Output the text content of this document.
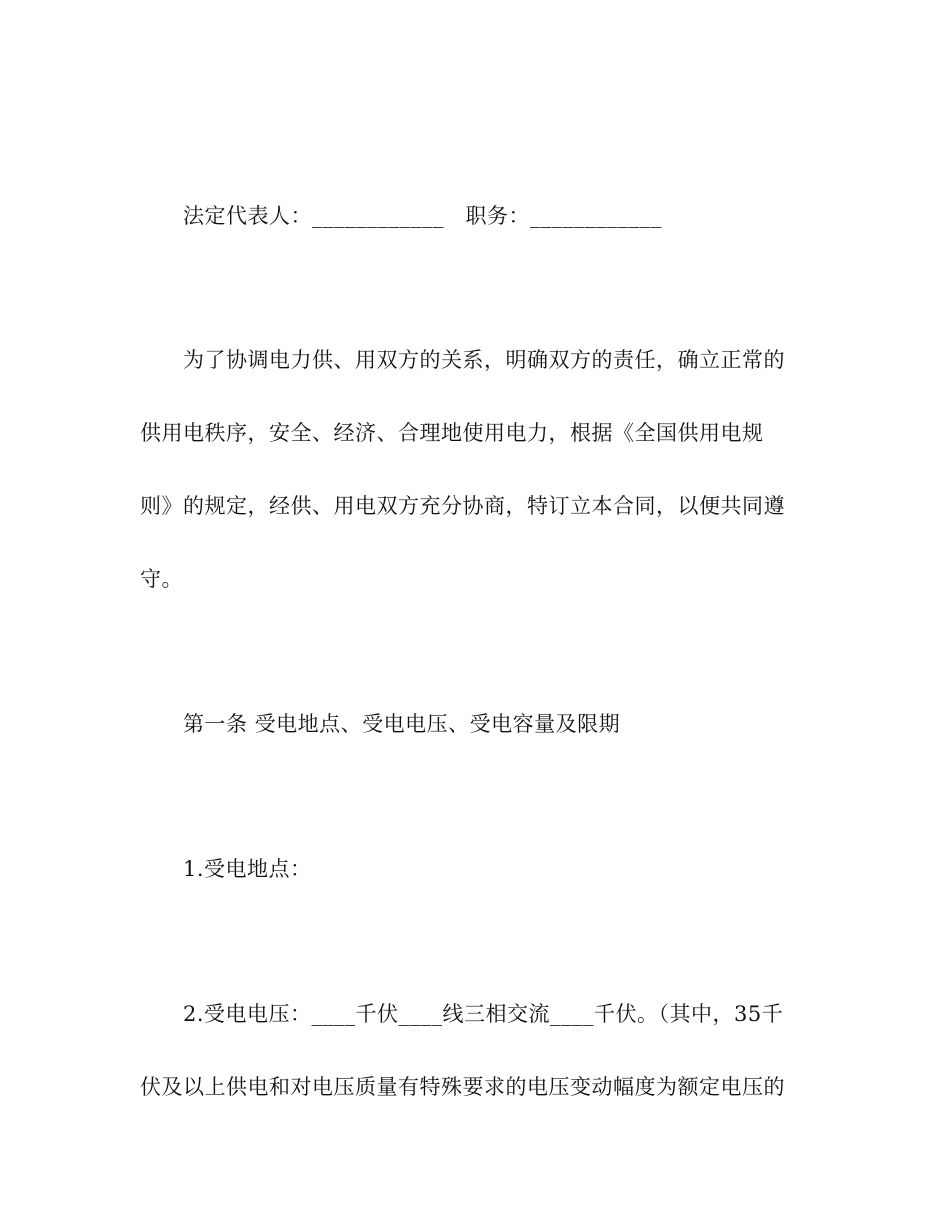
法定代表人：____________   职务：____________
为了协调电力供、用双方的关系，明确双方的责任，确立正常的
供用电秩序，安全、经济、合理地使用电力，根据《全国供用电规
则》的规定，经供、用电双方充分协商，特订立本合同，以便共同遵
守。
第一条 受电地点、受电电压、受电容量及限期
1.受电地点：
2.受电电压：____千伏____线三相交流____千伏。（其中，35千
伏及以上供电和对电压质量有特殊要求的电压变动幅度为额定电压的
